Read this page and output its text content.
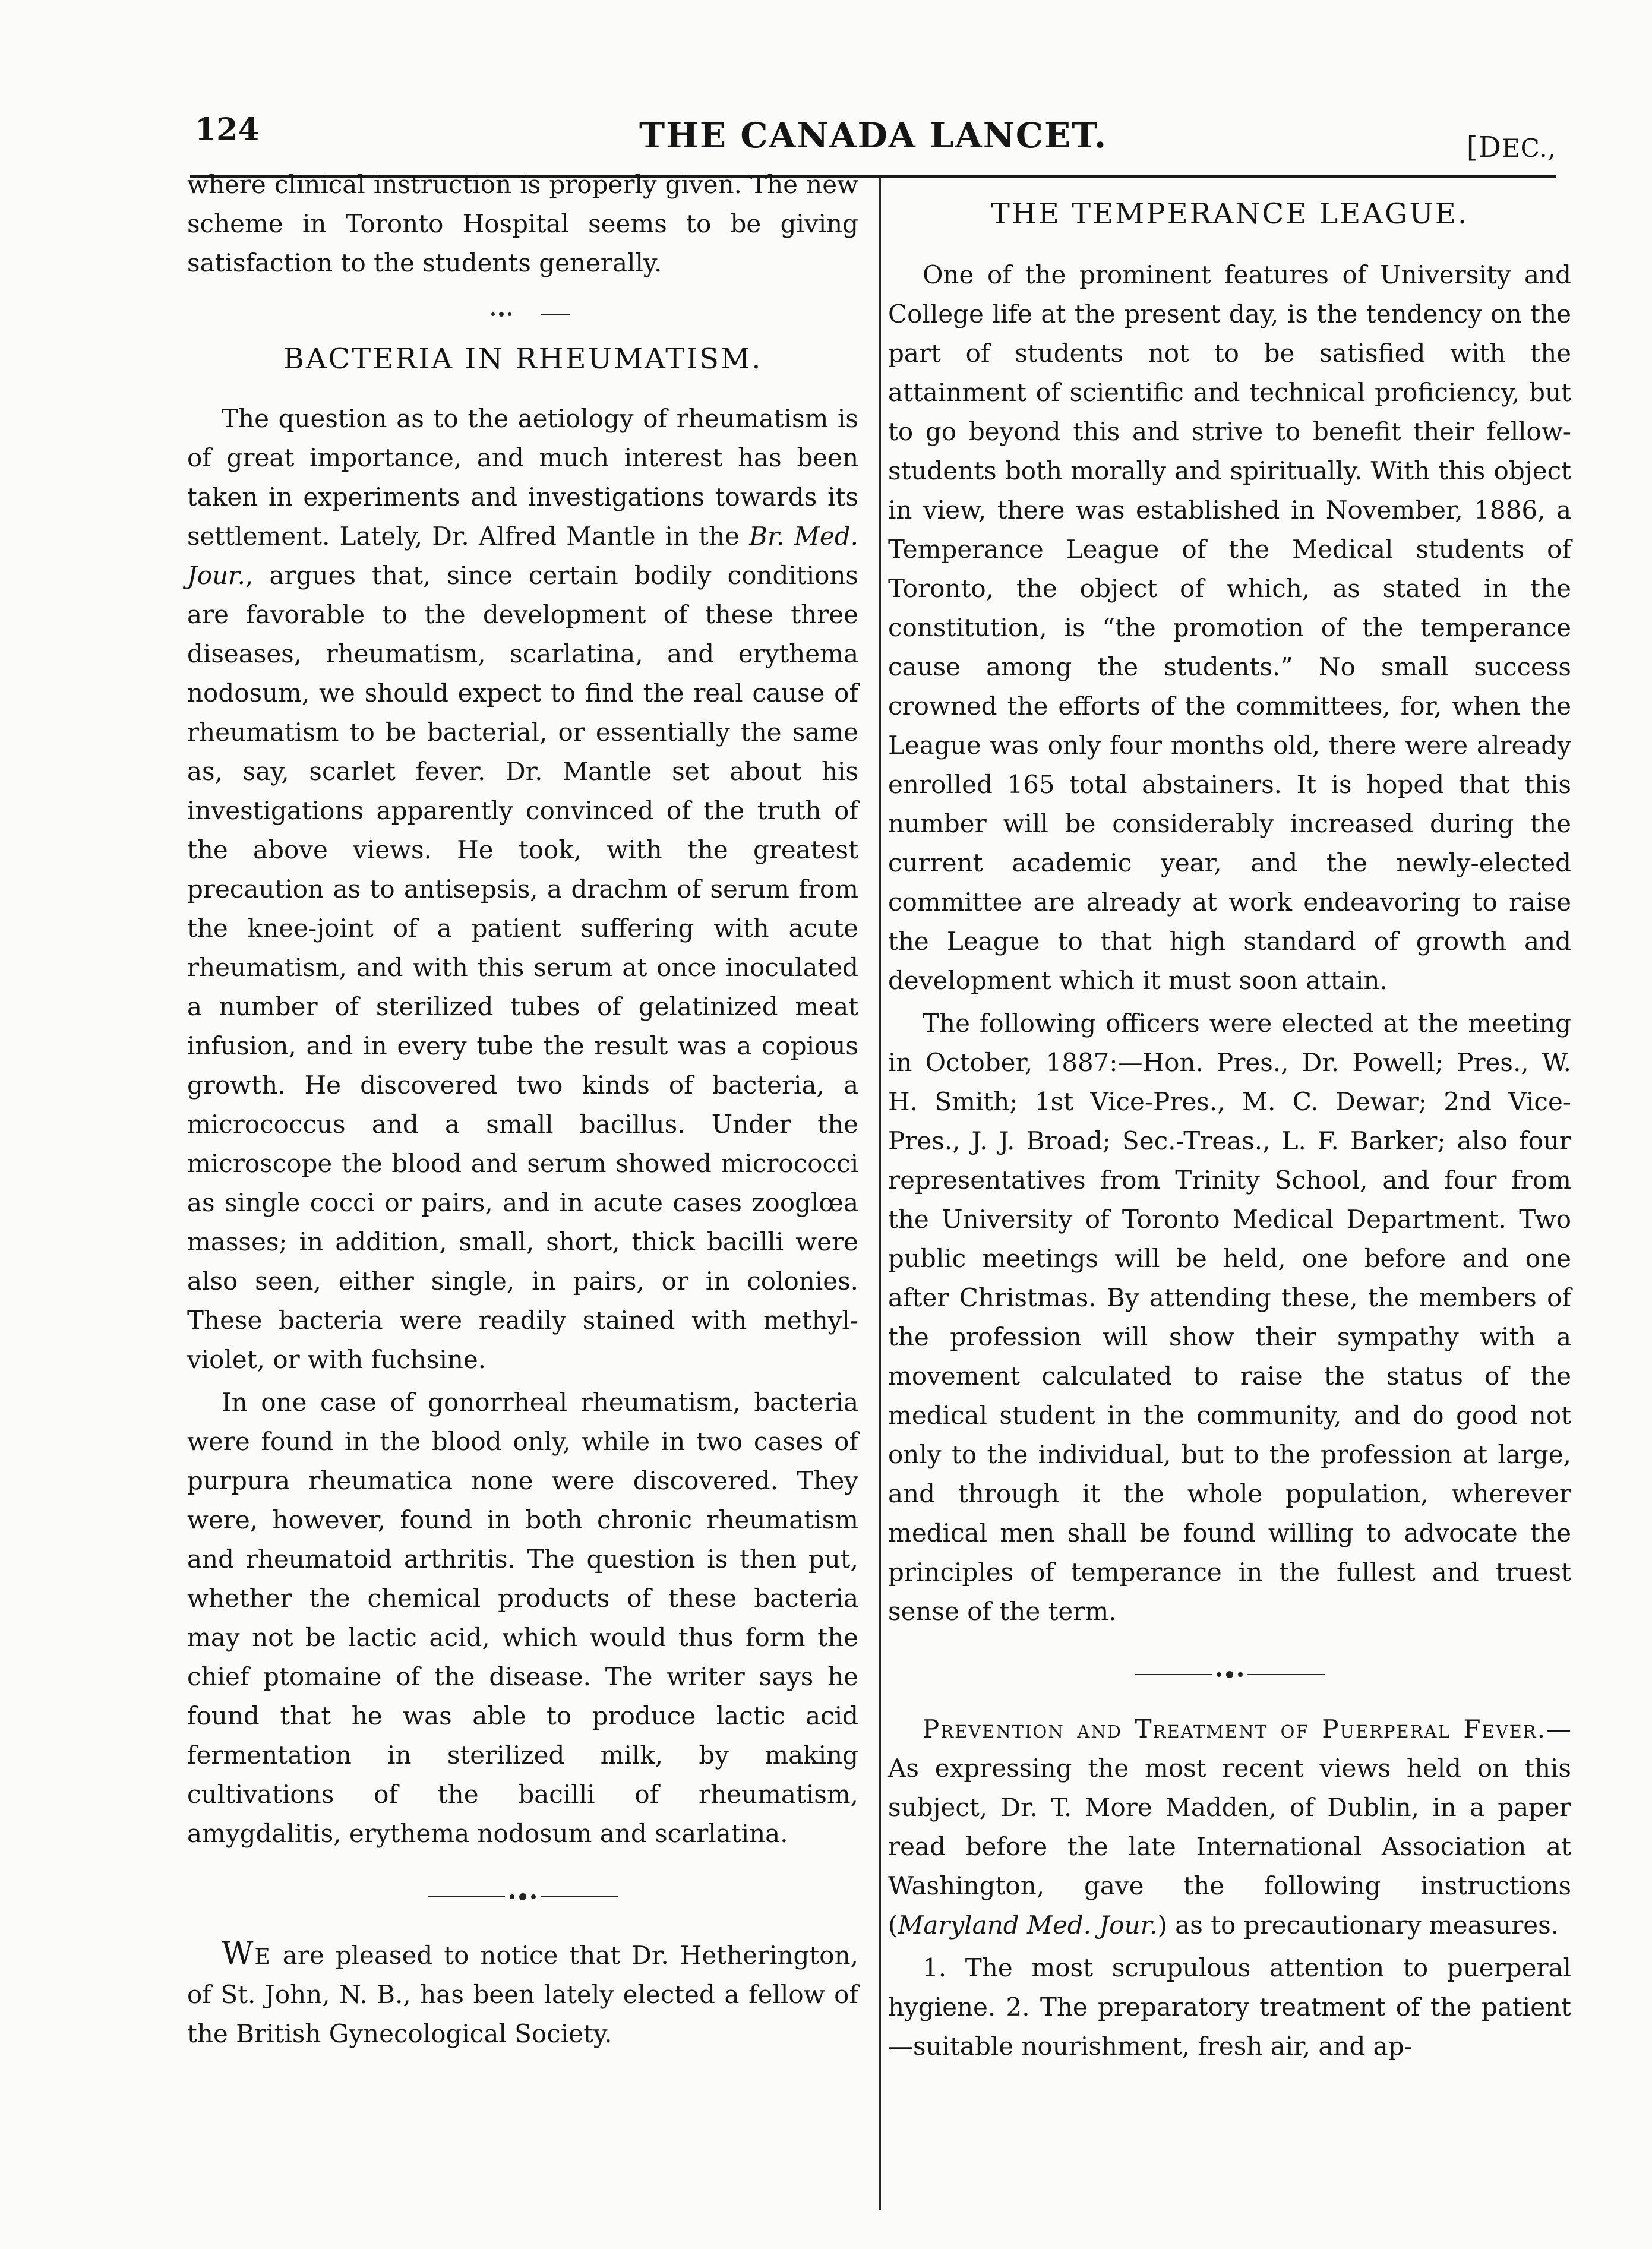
124	THE CANADA LANCET.	[DEC.,

where clinical instruction is properly given. The new scheme in Toronto Hospital seems to be giving satisfaction to the students generally.

BACTERIA IN RHEUMATISM.

The question as to the aetiology of rheumatism is of great importance, and much interest has been taken in experiments and investigations towards its settlement. Lately, Dr. Alfred Mantle in the Br. Med. Jour., argues that, since certain bodily conditions are favorable to the development of these three diseases, rheumatism, scarlatina, and erythema nodosum, we should expect to find the real cause of rheumatism to be bacterial, or essentially the same as, say, scarlet fever. Dr. Mantle set about his investigations apparently convinced of the truth of the above views. He took, with the greatest precaution as to antisepsis, a drachm of serum from the knee-joint of a patient suffering with acute rheumatism, and with this serum at once inoculated a number of sterilized tubes of gelatinized meat infusion, and in every tube the result was a copious growth. He discovered two kinds of bacteria, a micrococcus and a small bacillus. Under the microscope the blood and serum showed micrococci as single cocci or pairs, and in acute cases zooglœa masses; in addition, small, short, thick bacilli were also seen, either single, in pairs, or in colonies. These bacteria were readily stained with methyl-violet, or with fuchsine.

In one case of gonorrheal rheumatism, bacteria were found in the blood only, while in two cases of purpura rheumatica none were discovered. They were, however, found in both chronic rheumatism and rheumatoid arthritis. The question is then put, whether the chemical products of these bacteria may not be lactic acid, which would thus form the chief ptomaine of the disease. The writer says he found that he was able to produce lactic acid fermentation in sterilized milk, by making cultivations of the bacilli of rheumatism, amygdalitis, erythema nodosum and scarlatina.

We are pleased to notice that Dr. Hetherington, of St. John, N. B., has been lately elected a fellow of the British Gynecological Society.

THE TEMPERANCE LEAGUE.

One of the prominent features of University and College life at the present day, is the tendency on the part of students not to be satisfied with the attainment of scientific and technical proficiency, but to go beyond this and strive to benefit their fellow-students both morally and spiritually. With this object in view, there was established in November, 1886, a Temperance League of the Medical students of Toronto, the object of which, as stated in the constitution, is “the promotion of the temperance cause among the students.” No small success crowned the efforts of the committees, for, when the League was only four months old, there were already enrolled 165 total abstainers. It is hoped that this number will be considerably increased during the current academic year, and the newly-elected committee are already at work endeavoring to raise the League to that high standard of growth and development which it must soon attain.

The following officers were elected at the meeting in October, 1887:—Hon. Pres., Dr. Powell; Pres., W. H. Smith; 1st Vice-Pres., M. C. Dewar; 2nd Vice-Pres., J. J. Broad; Sec.-Treas., L. F. Barker; also four representatives from Trinity School, and four from the University of Toronto Medical Department. Two public meetings will be held, one before and one after Christmas. By attending these, the members of the profession will show their sympathy with a movement calculated to raise the status of the medical student in the community, and do good not only to the individual, but to the profession at large, and through it the whole population, wherever medical men shall be found willing to advocate the principles of temperance in the fullest and truest sense of the term.

Prevention and Treatment of Puerperal Fever.—As expressing the most recent views held on this subject, Dr. T. More Madden, of Dublin, in a paper read before the late International Association at Washington, gave the following instructions (Maryland Med. Jour.) as to precautionary measures.

1. The most scrupulous attention to puerperal hygiene. 2. The preparatory treatment of the patient—suitable nourishment, fresh air, and ap-
